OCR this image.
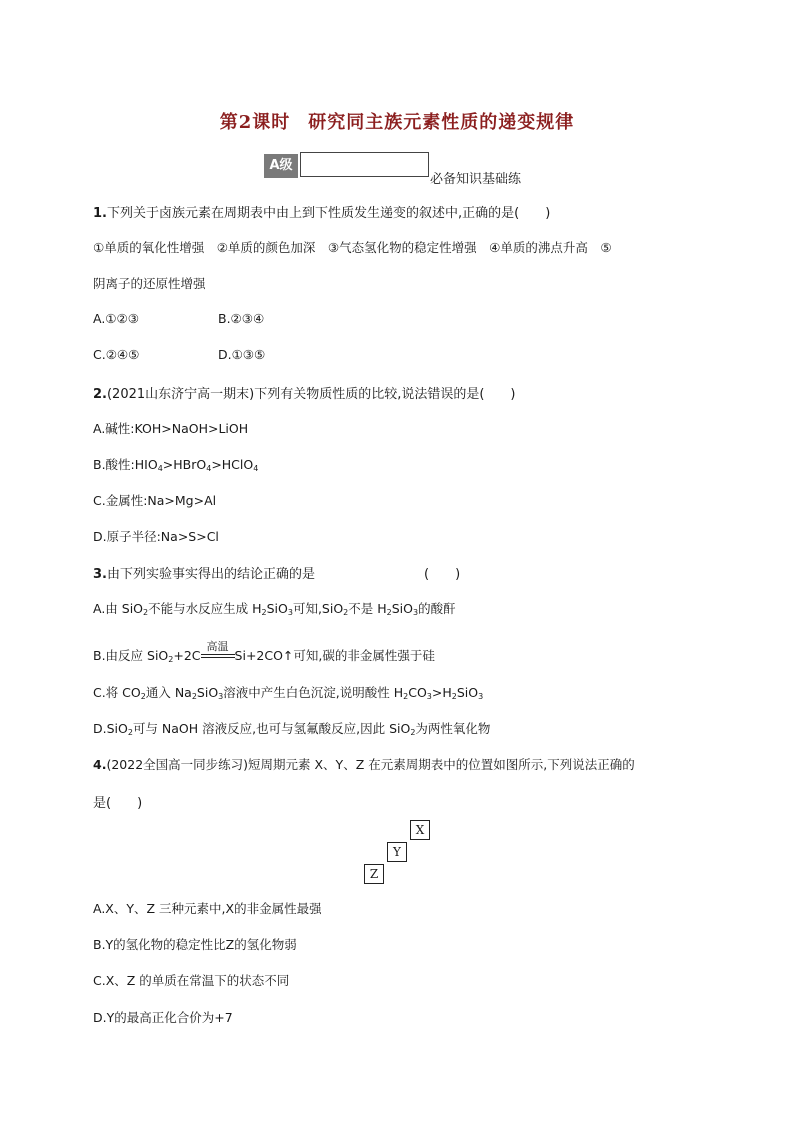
第2课时 研究同主族元素性质的递变规律
A级
必备知识基础练
1.下列关于卤族元素在周期表中由上到下性质发生递变的叙述中,正确的是(　　)
①单质的氧化性增强　②单质的颜色加深　③气态氢化物的稳定性增强　④单质的沸点升高　⑤
阴离子的还原性增强
A.①②③	B.②③④
C.②④⑤	D.①③⑤
2.(2021山东济宁高一期末)下列有关物质性质的比较,说法错误的是(　　)
A.碱性:KOH>NaOH>LiOH
B.酸性$:HIO_4>HBrO_4>HClO_4$
C.金属性:Na>Mg>Al
D.原子半径:Na>S>Cl
3.由下列实验事实得出的结论正确的是	(　　)
A.由 SiO$_2$不能与水反应生成 $H_2SiO_3$可知,SiO$_2$不是 $H_2SiO_3$的酸酐
B.由反应 SiO$_2$+2C
高温
Si+2CO↑可知,碳的非金属性强于硅
C.将 $CO_2$通入 $Na_2SiO_3$溶液中产生白色沉淀,说明酸性 $H_2CO_3>H_2SiO_3$
D.SiO$_2$可与 NaOH 溶液反应,也可与氢氟酸反应,因此 SiO$_2$为两性氧化物
4.(2022全国高一同步练习)短周期元素 X、Y、Z 在元素周期表中的位置如图所示,下列说法正确的
是(　　)
X
Y
Z
A.X、Y、Z 三种元素中,X的非金属性最强
B.Y的氢化物的稳定性比Z的氢化物弱
C.X、Z 的单质在常温下的状态不同
D.Y的最高正化合价为+7
